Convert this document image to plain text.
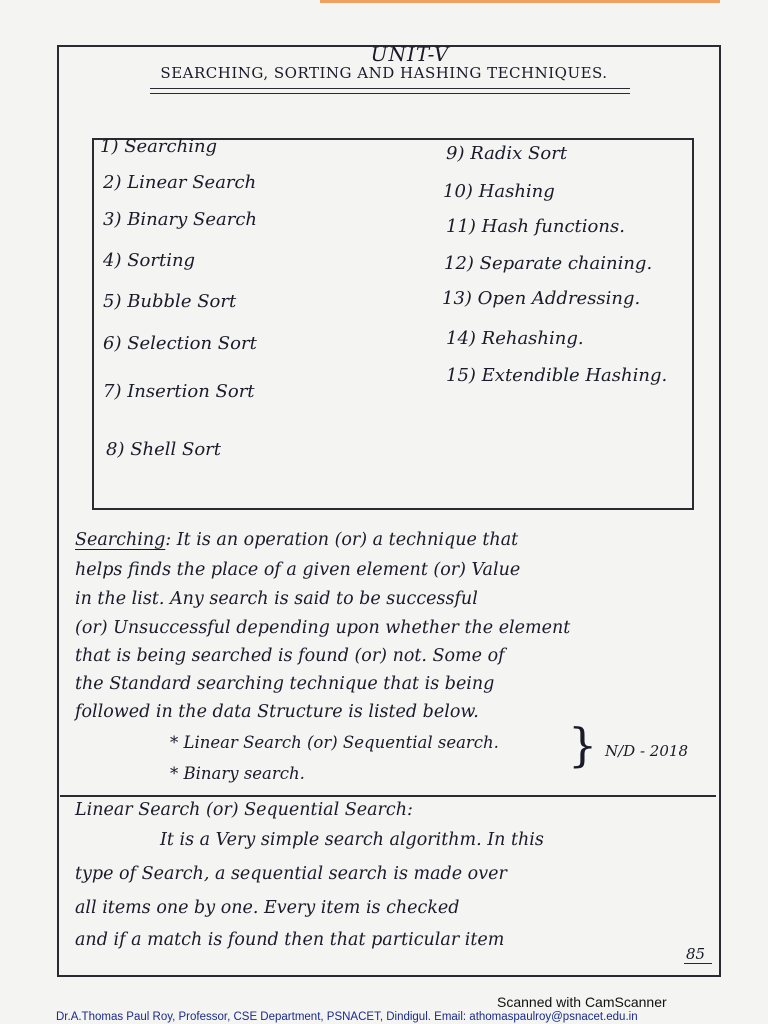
UNIT-V
SEARCHING, SORTING AND HASHING TECHNIQUES.
1) Searching
2) Linear Search
3) Binary Search
4) Sorting
5) Bubble Sort
6) Selection Sort
7) Insertion Sort
8) Shell Sort
9) Radix Sort
10) Hashing
11) Hash functions.
12) Separate chaining.
13) Open Addressing.
14) Rehashing.
15) Extendible Hashing.
Searching: It is an operation (or) a technique that
helps finds the place of a given element (or) Value
in the list. Any search is said to be successful
(or) Unsuccessful depending upon whether the element
that is being searched is found (or) not. Some of
the Standard searching technique that is being
followed in the data Structure is listed below.
* Linear Search (or) Sequential search.
* Binary search.
} N/D - 2018
Linear Search (or) Sequential Search:
It is a Very simple search algorithm. In this
type of Search, a sequential search is made over
all items one by one. Every item is checked
and if a match is found then that particular item
85
Scanned with CamScanner
Dr.A.Thomas Paul Roy, Professor, CSE Department, PSNACET, Dindigul. Email: athomaspaulroy@psnacet.edu.in
